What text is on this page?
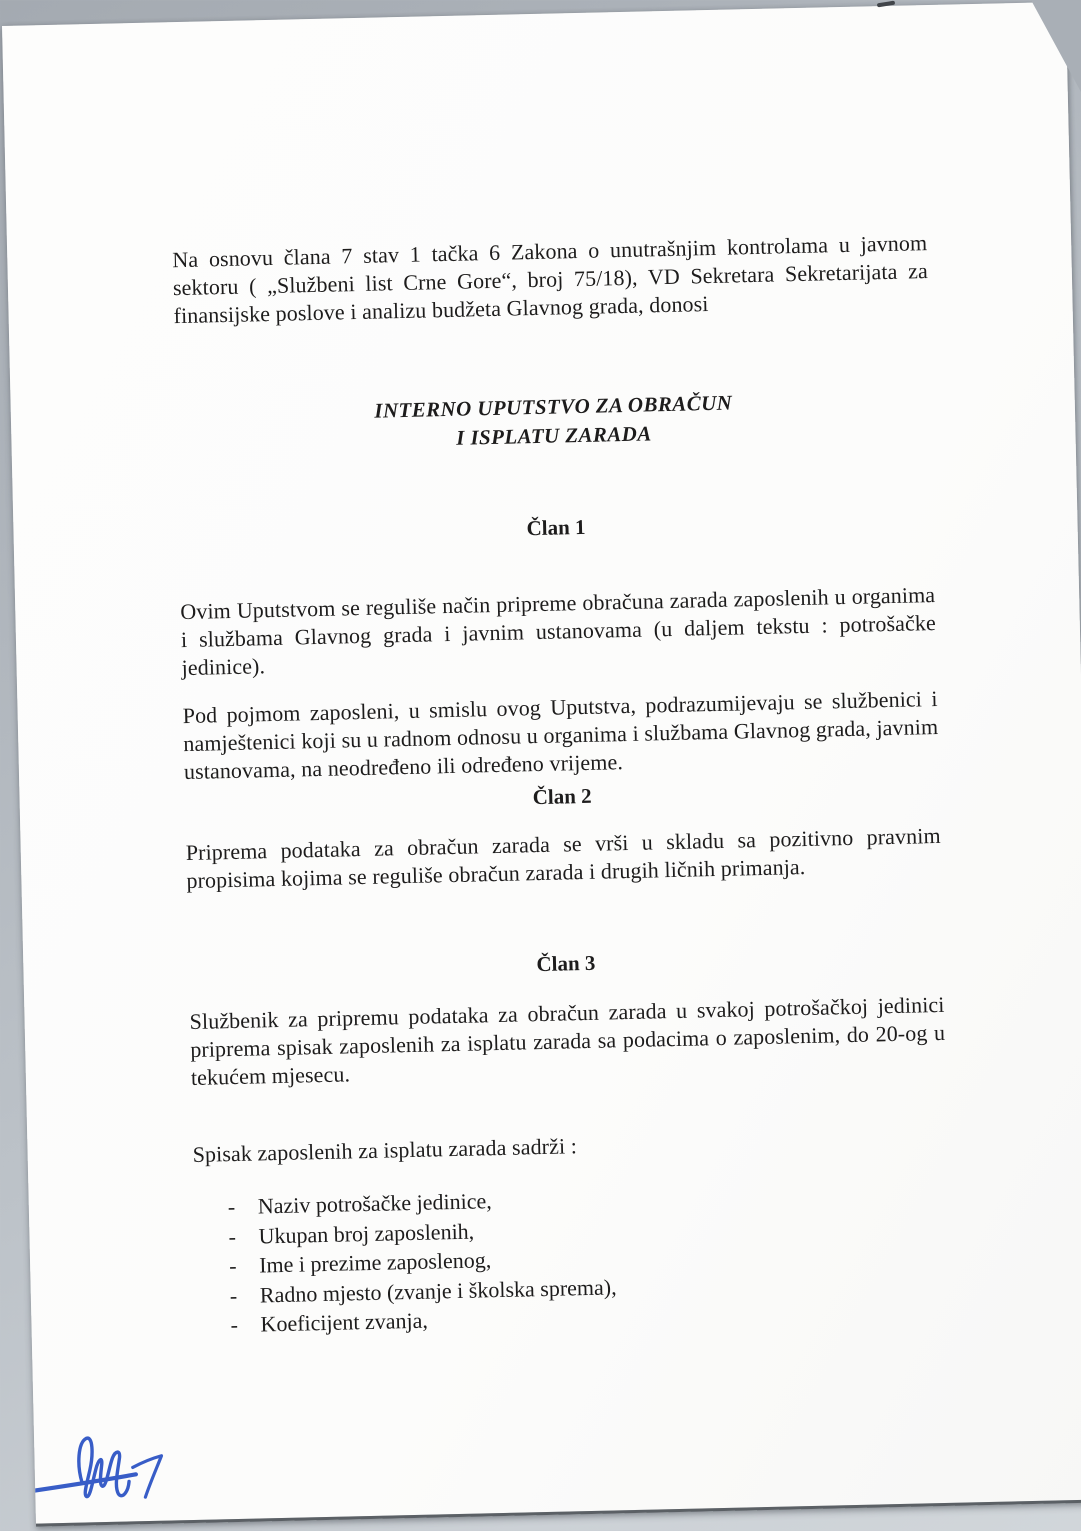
Na osnovu člana 7 stav 1 tačka 6 Zakona o unutrašnjim kontrolama u javnom sektoru ( „Službeni list Crne Gore“, broj 75/18), VD Sekretara Sekretarijata za finansijske poslove i analizu budžeta Glavnog grada, donosi

INTERNO UPUTSTVO ZA OBRAČUN
I ISPLATU ZARADA
Član 1

Ovim Uputstvom se reguliše način pripreme obračuna zarada zaposlenih u organima i službama Glavnog grada i javnim ustanovama (u daljem tekstu : potrošačke jedinice).

Pod pojmom zaposleni, u smislu ovog Uputstva, podrazumijevaju se službenici i namještenici koji su u radnom odnosu u organima i službama Glavnog grada, javnim ustanovama, na neodređeno ili određeno vrijeme.

Član 2

Priprema podataka za obračun zarada se vrši u skladu sa pozitivno pravnim propisima kojima se reguliše obračun zarada i drugih ličnih primanja.

Član 3

Službenik za pripremu podataka za obračun zarada u svakoj potrošačkoj jedinici priprema spisak zaposlenih za isplatu zarada sa podacima o zaposlenim, do 20-og u tekućem mjesecu.

Spisak zaposlenih za isplatu zarada sadrži :

-	Naziv potrošačke jedinice,
-	Ukupan broj zaposlenih,
-	Ime i prezime zaposlenog,
-	Radno mjesto (zvanje i školska sprema),
-	Koeficijent zvanja,
